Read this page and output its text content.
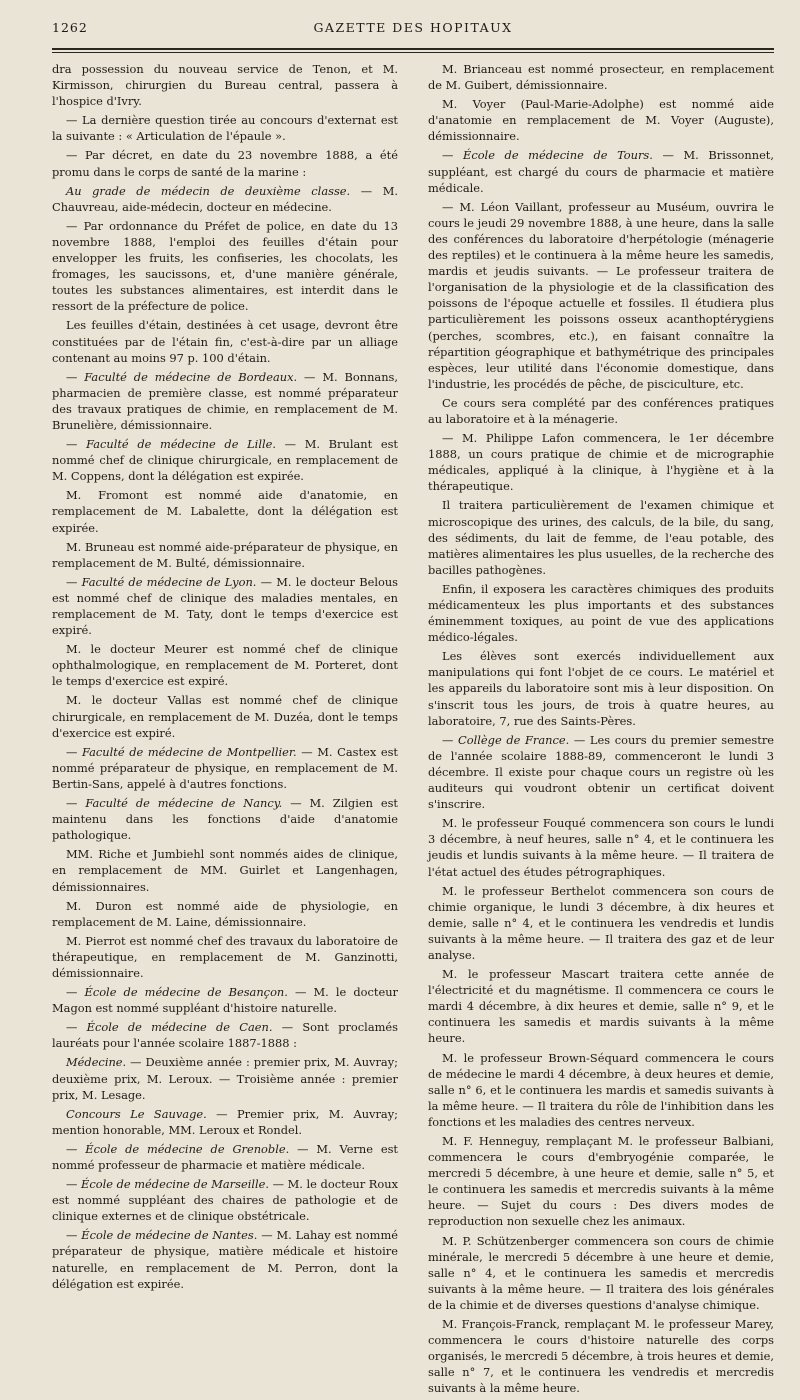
1262	GAZETTE DES HOPITAUX

dra possession du nouveau service de Tenon, et M. Kirmisson, chirurgien du Bureau central, passera à l'hospice d'Ivry.

— La dernière question tirée au concours d'externat est la suivante : « Articulation de l'épaule ».

— Par décret, en date du 23 novembre 1888, a été promu dans le corps de santé de la marine :

Au grade de médecin de deuxième classe. — M. Chauvreau, aide-médecin, docteur en médecine.

— Par ordonnance du Préfet de police, en date du 13 novembre 1888, l'emploi des feuilles d'étain pour envelopper les fruits, les confiseries, les chocolats, les fromages, les saucissons, et, d'une manière générale, toutes les substances alimentaires, est interdit dans le ressort de la préfecture de police.

Les feuilles d'étain, destinées à cet usage, devront être constituées par de l'étain fin, c'est-à-dire par un alliage contenant au moins 97 p. 100 d'étain.

— Faculté de médecine de Bordeaux. — M. Bonnans, pharmacien de première classe, est nommé préparateur des travaux pratiques de chimie, en remplacement de M. Brunelière, démissionnaire.

— Faculté de médecine de Lille. — M. Brulant est nommé chef de clinique chirurgicale, en remplacement de M. Coppens, dont la délégation est expirée.

M. Fromont est nommé aide d'anatomie, en remplacement de M. Labalette, dont la délégation est expirée.

M. Bruneau est nommé aide-préparateur de physique, en remplacement de M. Bulté, démissionnaire.

— Faculté de médecine de Lyon. — M. le docteur Belous est nommé chef de clinique des maladies mentales, en remplacement de M. Taty, dont le temps d'exercice est expiré.

M. le docteur Meurer est nommé chef de clinique ophthalmologique, en remplacement de M. Porteret, dont le temps d'exercice est expiré.

M. le docteur Vallas est nommé chef de clinique chirurgicale, en remplacement de M. Duzéa, dont le temps d'exercice est expiré.

— Faculté de médecine de Montpellier. — M. Castex est nommé préparateur de physique, en remplacement de M. Bertin-Sans, appelé à d'autres fonctions.

— Faculté de médecine de Nancy. — M. Zilgien est maintenu dans les fonctions d'aide d'anatomie pathologique.

MM. Riche et Jumbiehl sont nommés aides de clinique, en remplacement de MM. Guirlet et Langenhagen, démissionnaires.

M. Duron est nommé aide de physiologie, en remplacement de M. Laine, démissionnaire.

M. Pierrot est nommé chef des travaux du laboratoire de thérapeutique, en remplacement de M. Ganzinotti, démissionnaire.

— École de médecine de Besançon. — M. le docteur Magon est nommé suppléant d'histoire naturelle.

— École de médecine de Caen. — Sont proclamés lauréats pour l'année scolaire 1887-1888 :

Médecine. — Deuxième année : premier prix, M. Auvray; deuxième prix, M. Leroux. — Troisième année : premier prix, M. Lesage.

Concours Le Sauvage. — Premier prix, M. Auvray; mention honorable, MM. Leroux et Rondel.

— École de médecine de Grenoble. — M. Verne est nommé professeur de pharmacie et matière médicale.

— École de médecine de Marseille. — M. le docteur Roux est nommé suppléant des chaires de pathologie et de clinique externes et de clinique obstétricale.

— École de médecine de Nantes. — M. Lahay est nommé préparateur de physique, matière médicale et histoire naturelle, en remplacement de M. Perron, dont la délégation est expirée.

M. Brianceau est nommé prosecteur, en remplacement de M. Guibert, démissionnaire.

M. Voyer (Paul-Marie-Adolphe) est nommé aide d'anatomie en remplacement de M. Voyer (Auguste), démissionnaire.

— École de médecine de Tours. — M. Brissonnet, suppléant, est chargé du cours de pharmacie et matière médicale.

— M. Léon Vaillant, professeur au Muséum, ouvrira le cours le jeudi 29 novembre 1888, à une heure, dans la salle des conférences du laboratoire d'herpétologie (ménagerie des reptiles) et le continuera à la même heure les samedis, mardis et jeudis suivants. — Le professeur traitera de l'organisation de la physiologie et de la classification des poissons de l'époque actuelle et fossiles. Il étudiera plus particulièrement les poissons osseux acanthoptérygiens (perches, scombres, etc.), en faisant connaître la répartition géographique et bathymétrique des principales espèces, leur utilité dans l'économie domestique, dans l'industrie, les procédés de pêche, de pisciculture, etc.

Ce cours sera complété par des conférences pratiques au laboratoire et à la ménagerie.

— M. Philippe Lafon commencera, le 1er décembre 1888, un cours pratique de chimie et de micrographie médicales, appliqué à la clinique, à l'hygiène et à la thérapeutique.

Il traitera particulièrement de l'examen chimique et microscopique des urines, des calculs, de la bile, du sang, des sédiments, du lait de femme, de l'eau potable, des matières alimentaires les plus usuelles, de la recherche des bacilles pathogènes.

Enfin, il exposera les caractères chimiques des produits médicamenteux les plus importants et des substances éminemment toxiques, au point de vue des applications médico-légales.

Les élèves sont exercés individuellement aux manipulations qui font l'objet de ce cours. Le matériel et les appareils du laboratoire sont mis à leur disposition. On s'inscrit tous les jours, de trois à quatre heures, au laboratoire, 7, rue des Saints-Pères.

— Collège de France. — Les cours du premier semestre de l'année scolaire 1888-89, commenceront le lundi 3 décembre. Il existe pour chaque cours un registre où les auditeurs qui voudront obtenir un certificat doivent s'inscrire.

M. le professeur Fouqué commencera son cours le lundi 3 décembre, à neuf heures, salle n° 4, et le continuera les jeudis et lundis suivants à la même heure. — Il traitera de l'état actuel des études pétrographiques.

M. le professeur Berthelot commencera son cours de chimie organique, le lundi 3 décembre, à dix heures et demie, salle n° 4, et le continuera les vendredis et lundis suivants à la même heure. — Il traitera des gaz et de leur analyse.

M. le professeur Mascart traitera cette année de l'électricité et du magnétisme. Il commencera ce cours le mardi 4 décembre, à dix heures et demie, salle n° 9, et le continuera les samedis et mardis suivants à la même heure.

M. le professeur Brown-Séquard commencera le cours de médecine le mardi 4 décembre, à deux heures et demie, salle n° 6, et le continuera les mardis et samedis suivants à la même heure. — Il traitera du rôle de l'inhibition dans les fonctions et les maladies des centres nerveux.

M. F. Henneguy, remplaçant M. le professeur Balbiani, commencera le cours d'embryogénie comparée, le mercredi 5 décembre, à une heure et demie, salle n° 5, et le continuera les samedis et mercredis suivants à la même heure. — Sujet du cours : Des divers modes de reproduction non sexuelle chez les animaux.

M. P. Schützenberger commencera son cours de chimie minérale, le mercredi 5 décembre à une heure et demie, salle n° 4, et le continuera les samedis et mercredis suivants à la même heure. — Il traitera des lois générales de la chimie et de diverses questions d'analyse chimique.

M. François-Franck, remplaçant M. le professeur Marey, commencera le cours d'histoire naturelle des corps organisés, le mercredi 5 décembre, à trois heures et demie, salle n° 7, et le continuera les vendredis et mercredis suivants à la même heure.
